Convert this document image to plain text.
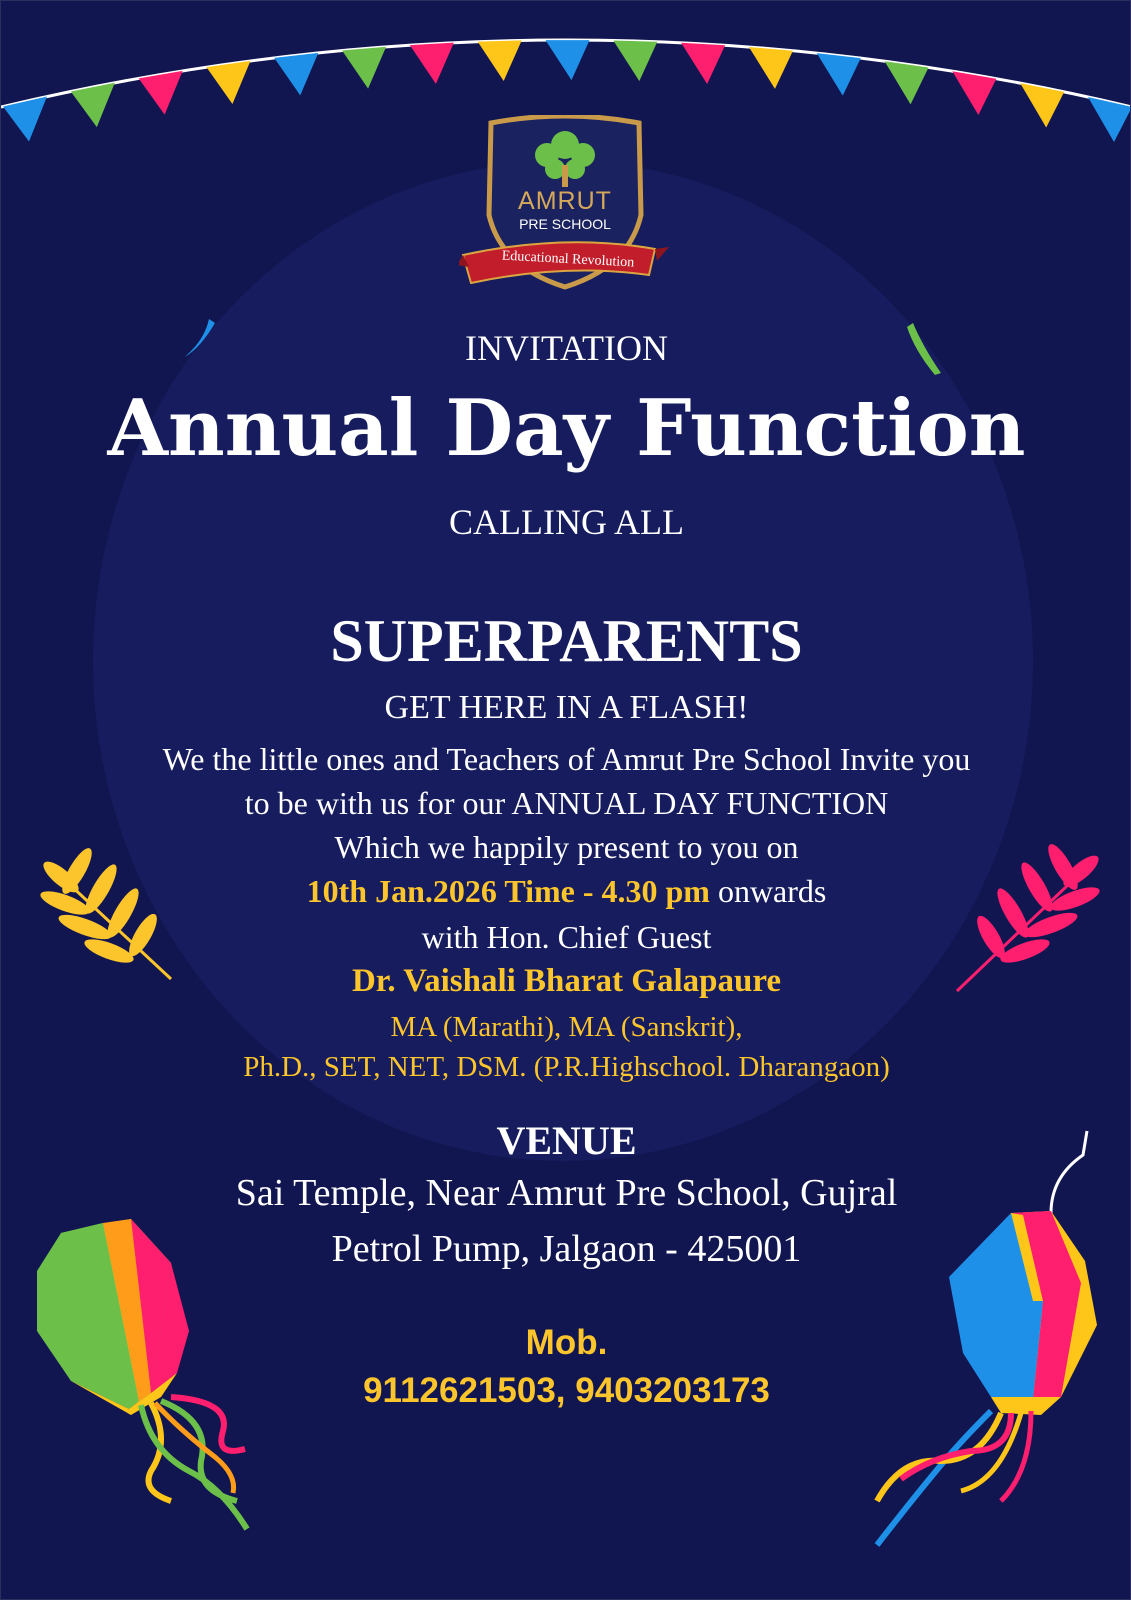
AMRUT
PRE SCHOOL
Educational Revolution

INVITATION

Annual Day Function

CALLING ALL

SUPERPARENTS

GET HERE IN A FLASH!

We the little ones and Teachers of Amrut Pre School Invite you

to be with us for our ANNUAL DAY FUNCTION

Which we happily present to you on

10th Jan.2026 Time - 4.30 pm onwards

with Hon. Chief Guest

Dr. Vaishali Bharat Galapaure

MA (Marathi), MA (Sanskrit),

Ph.D., SET, NET, DSM. (P.R.Highschool. Dharangaon)

VENUE

Sai Temple, Near Amrut Pre School, Gujral

Petrol Pump, Jalgaon - 425001

Mob.

9112621503, 9403203173
